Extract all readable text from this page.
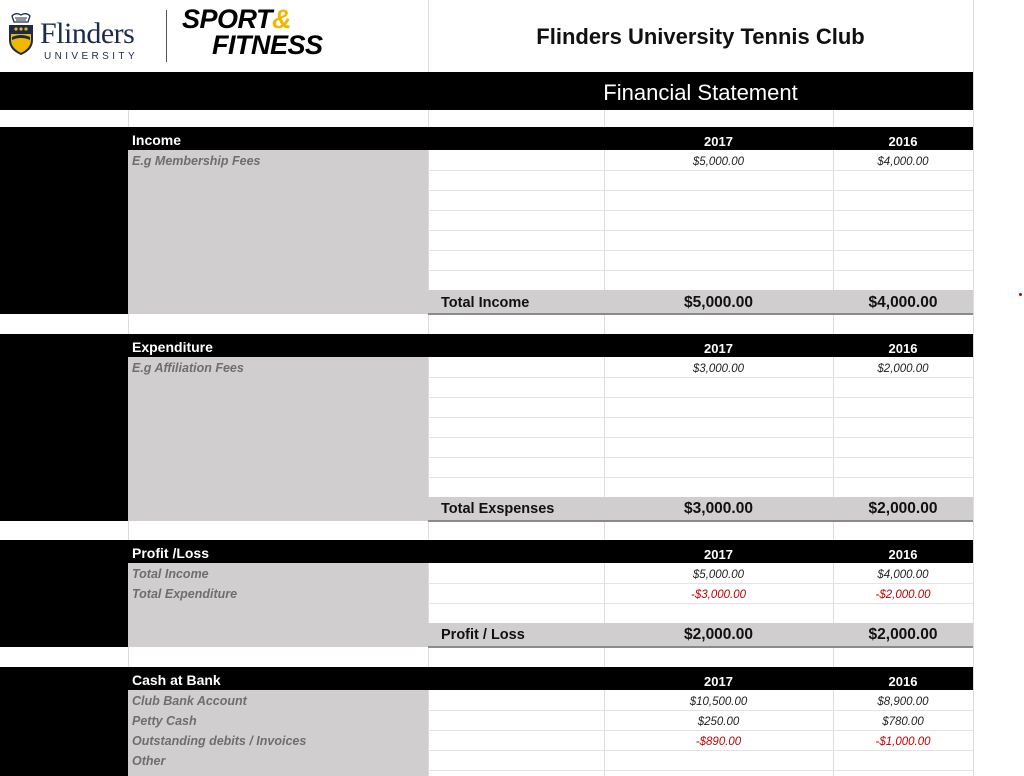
Flinders
UNIVERSITY
SPORT&
FITNESS	Flinders University Tennis Club
Financial Statement
Income	2017	2016
E.g Membership Fees	$5,000.00	$4,000.00
Total Income	$5,000.00	$4,000.00
Expenditure	2017	2016
E.g Affiliation Fees	$3,000.00	$2,000.00
Total Exspenses	$3,000.00	$2,000.00
Profit /Loss	2017	2016
Total Income	$5,000.00	$4,000.00
Total Expenditure	-$3,000.00	-$2,000.00
Profit / Loss	$2,000.00	$2,000.00
Cash at Bank	2017	2016
Club Bank Account	$10,500.00	$8,900.00
Petty Cash	$250.00	$780.00
Outstanding debits / Invoices	-$890.00	-$1,000.00
Other
